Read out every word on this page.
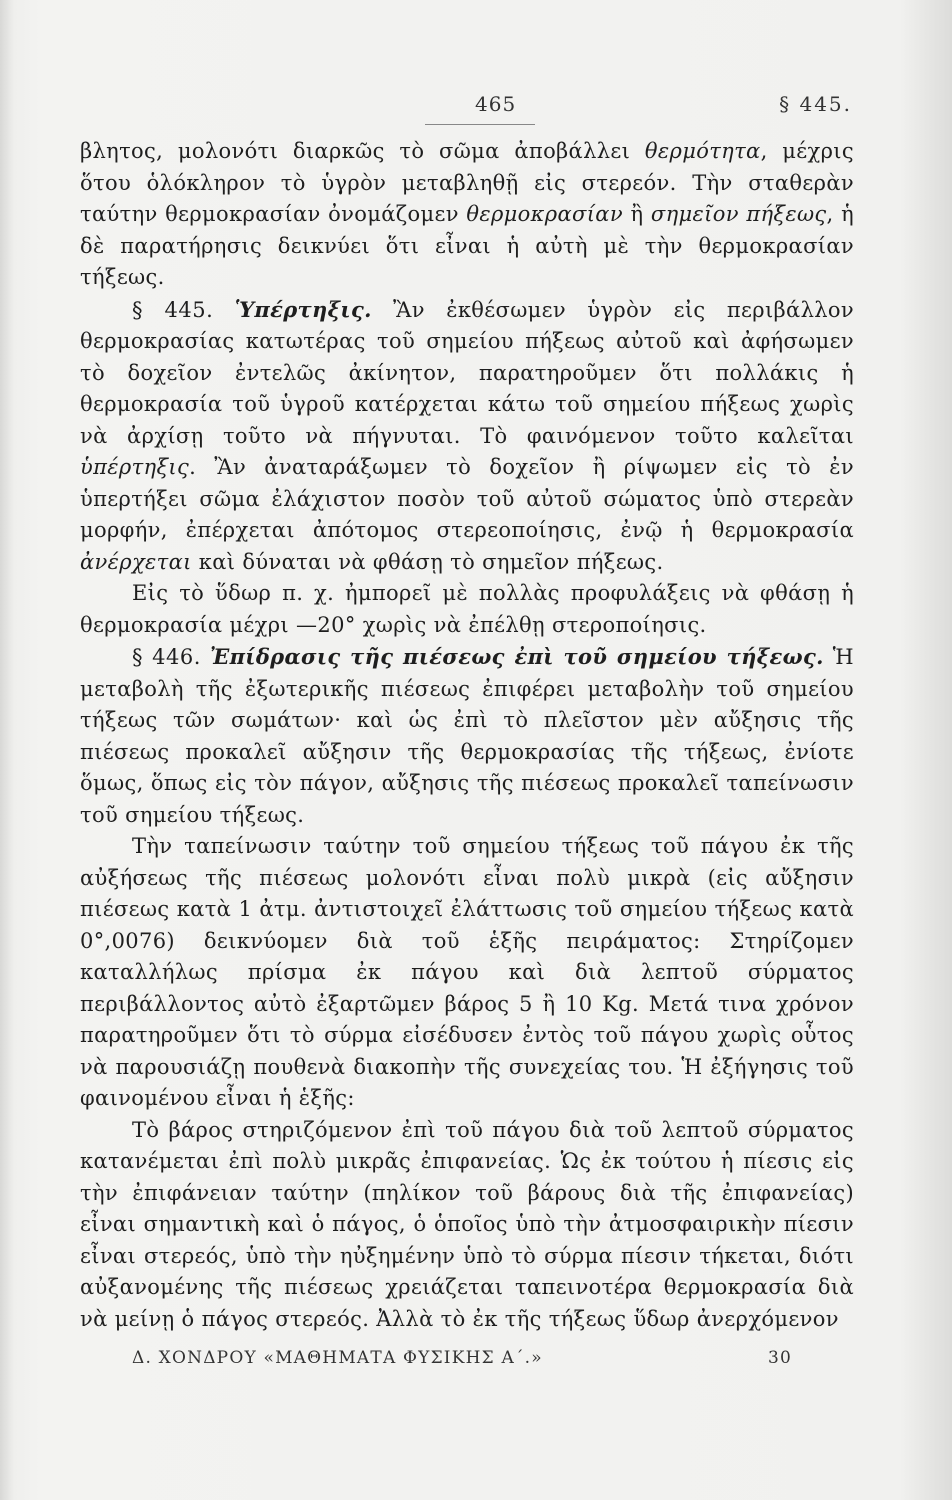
465	§ 445.

βλητος, μολονότι διαρκῶς τὸ σῶμα ἀποβάλλει θερμότητα, μέχρις ὅτου ὁλόκληρον τὸ ὑγρὸν μεταβληθῇ εἰς στερεόν. Τὴν σταθερὰν ταύτην θερμοκρασίαν ὀνομάζομεν θερμοκρασίαν ἢ σημεῖον πήξεως, ἡ δὲ παρατήρησις δεικνύει ὅτι εἶναι ἡ αὐτὴ μὲ τὴν θερμοκρασίαν τήξεως.

§ 445. Ὑπέρτηξις. Ἂν ἐκθέσωμεν ὑγρὸν εἰς περιβάλλον θερμοκρασίας κατωτέρας τοῦ σημείου πήξεως αὐτοῦ καὶ ἀφήσωμεν τὸ δοχεῖον ἐντελῶς ἀκίνητον, παρατηροῦμεν ὅτι πολλάκις ἡ θερμοκρασία τοῦ ὑγροῦ κατέρχεται κάτω τοῦ σημείου πήξεως χωρὶς νὰ ἀρχίσῃ τοῦτο νὰ πήγνυται. Τὸ φαινόμενον τοῦτο καλεῖται ὑπέρτηξις. Ἂν ἀναταράξωμεν τὸ δοχεῖον ἢ ρίψωμεν εἰς τὸ ἐν ὑπερτήξει σῶμα ἐλάχιστον ποσὸν τοῦ αὐτοῦ σώματος ὑπὸ στερεὰν μορφήν, ἐπέρχεται ἀπότομος στερεοποίησις, ἐνῷ ἡ θερμοκρασία ἀνέρχεται καὶ δύναται νὰ φθάσῃ τὸ σημεῖον πήξεως.

Εἰς τὸ ὕδωρ π. χ. ἠμπορεῖ μὲ πολλὰς προφυλάξεις νὰ φθάσῃ ἡ θερμοκρασία μέχρι —20° χωρὶς νὰ ἐπέλθῃ στεροποίησις.

§ 446. Ἐπίδρασις τῆς πιέσεως ἐπὶ τοῦ σημείου τήξεως. Ἡ μεταβολὴ τῆς ἐξωτερικῆς πιέσεως ἐπιφέρει μεταβολὴν τοῦ σημείου τήξεως τῶν σωμάτων· καὶ ὡς ἐπὶ τὸ πλεῖστον μὲν αὔξησις τῆς πιέσεως προκαλεῖ αὔξησιν τῆς θερμοκρασίας τῆς τήξεως, ἐνίοτε ὅμως, ὅπως εἰς τὸν πάγον, αὔξησις τῆς πιέσεως προκαλεῖ ταπείνωσιν τοῦ σημείου τήξεως.

Τὴν ταπείνωσιν ταύτην τοῦ σημείου τήξεως τοῦ πάγου ἐκ τῆς αὐξήσεως τῆς πιέσεως μολονότι εἶναι πολὺ μικρὰ (εἰς αὔξησιν πιέσεως κατὰ 1 ἀτμ. ἀντιστοιχεῖ ἐλάττωσις τοῦ σημείου τήξεως κατὰ 0°,0076) δεικνύομεν διὰ τοῦ ἑξῆς πειράματος: Στηρίζομεν καταλλήλως πρίσμα ἐκ πάγου καὶ διὰ λεπτοῦ σύρματος περιβάλλοντος αὐτὸ ἐξαρτῶμεν βάρος 5 ἢ 10 Kg. Μετά τινα χρόνον παρατηροῦμεν ὅτι τὸ σύρμα εἰσέδυσεν ἐντὸς τοῦ πάγου χωρὶς οὗτος νὰ παρουσιάζῃ πουθενὰ διακοπὴν τῆς συνεχείας του. Ἡ ἐξήγησις τοῦ φαινομένου εἶναι ἡ ἑξῆς:

Τὸ βάρος στηριζόμενον ἐπὶ τοῦ πάγου διὰ τοῦ λεπτοῦ σύρματος κατανέμεται ἐπὶ πολὺ μικρᾶς ἐπιφανείας. Ὡς ἐκ τούτου ἡ πίεσις εἰς τὴν ἐπιφάνειαν ταύτην (πηλίκον τοῦ βάρους διὰ τῆς ἐπιφανείας) εἶναι σημαντικὴ καὶ ὁ πάγος, ὁ ὁποῖος ὑπὸ τὴν ἀτμοσφαιρικὴν πίεσιν εἶναι στερεός, ὑπὸ τὴν ηὐξημένην ὑπὸ τὸ σύρμα πίεσιν τήκεται, διότι αὐξανομένης τῆς πιέσεως χρειάζεται ταπεινοτέρα θερμοκρασία διὰ νὰ μείνῃ ὁ πάγος στερεός. Ἀλλὰ τὸ ἐκ τῆς τήξεως ὕδωρ ἀνερχόμενον

Δ. ΧΟΝΔΡΟΥ «ΜΑΘΗΜΑΤΑ ΦΥΣΙΚΗΣ Α΄.»	30
